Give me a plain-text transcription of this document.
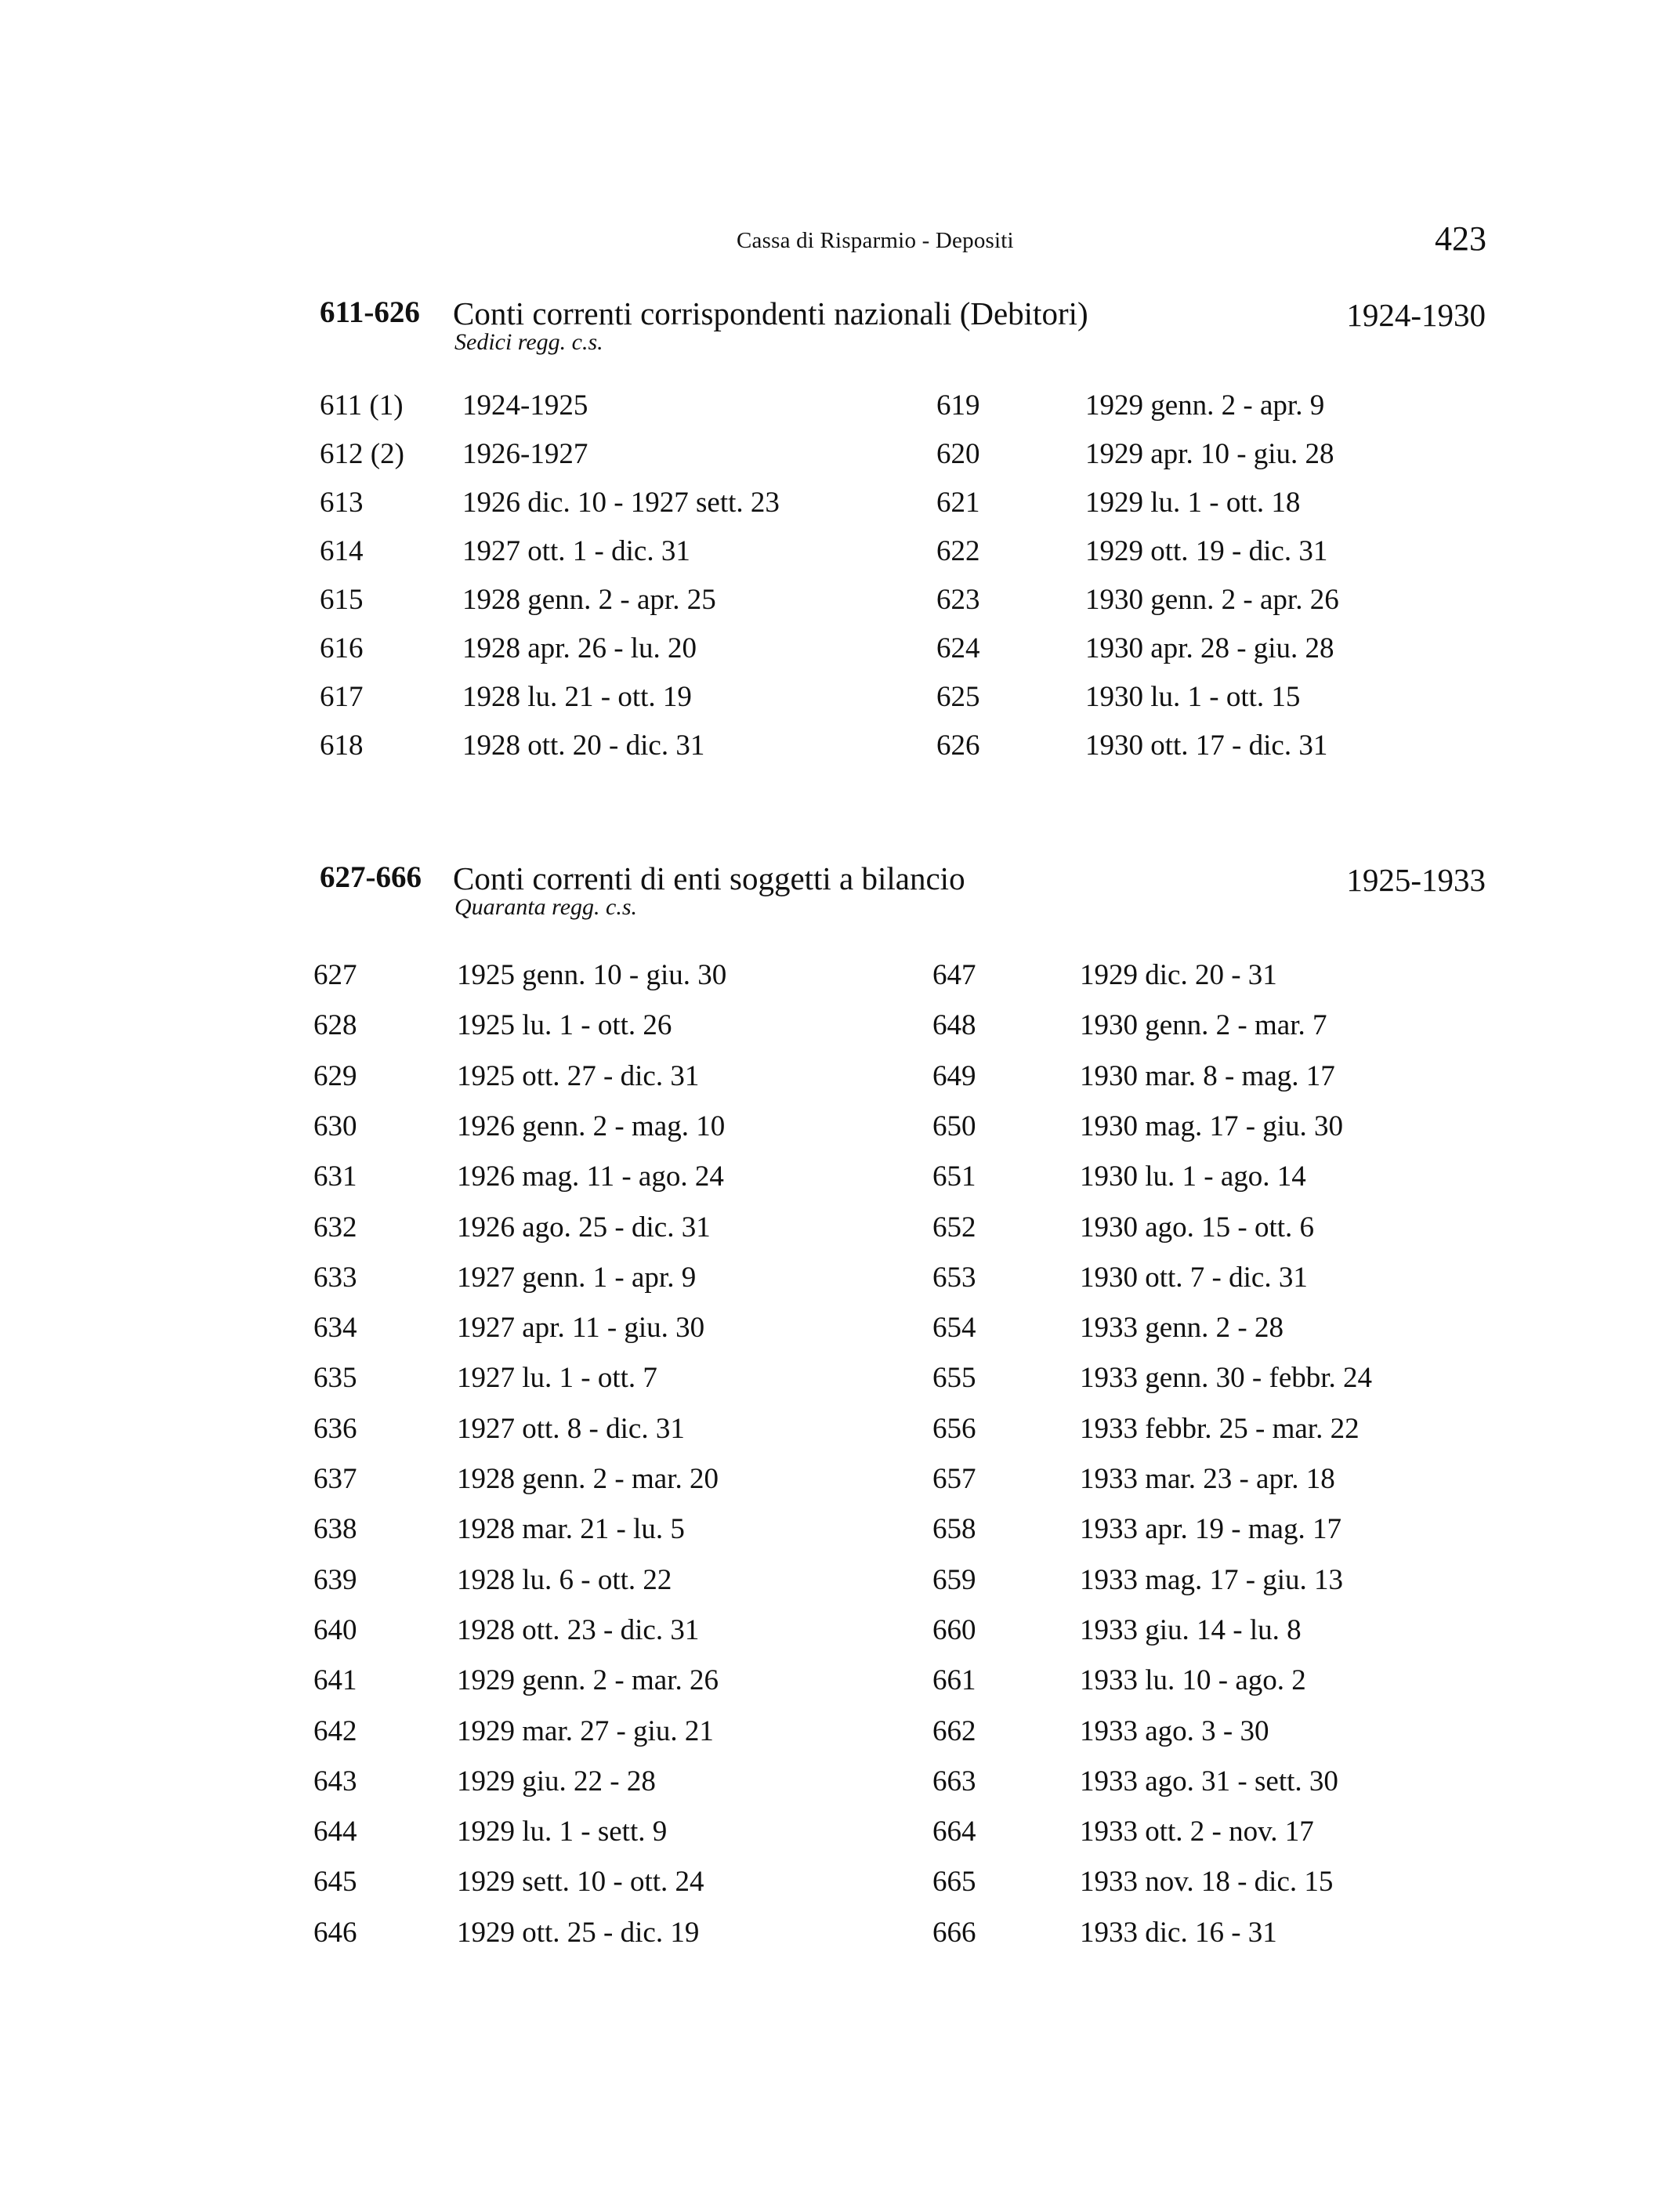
Cassa di Risparmio - Depositi	423
611-626 Conti correnti corrispondenti nazionali (Debitori)	1924-1930
Sedici regg. c.s.
611 (1) 1924-1925
612 (2) 1926-1927
613	1926 dic. 10 - 1927 sett. 23
614	1927 ott. 1 - dic. 31
615	1928 genn. 2 - apr. 25
616	1928 apr. 26 - lu. 20
617	1928 lu. 21 - ott. 19
618	1928 ott. 20 - dic. 31
619	1929 genn. 2 - apr. 9
620	1929 apr. 10 - giu. 28
621	1929 lu. 1 - ott. 18
622	1929 ott. 19 - dic. 31
623	1930 genn. 2 - apr. 26
624	1930 apr. 28 - giu. 28
625	1930 lu. 1 - ott. 15
626	1930 ott. 17 - dic. 31
627-666 Conti correnti di enti soggetti a bilancio	1925-1933
Quaranta regg. c.s.
627	1925 genn. 10 - giu. 30
628	1925 lu. 1 - ott. 26
629	1925 ott. 27 - dic. 31
630	1926 genn. 2 - mag. 10
631	1926 mag. 11 - ago. 24
632	1926 ago. 25 - dic. 31
633	1927 genn. 1 - apr. 9
634	1927 apr. 11 - giu. 30
635	1927 lu. 1 - ott. 7
636	1927 ott. 8 - dic. 31
637	1928 genn. 2 - mar. 20
638	1928 mar. 21 - lu. 5
639	1928 lu. 6 - ott. 22
640	1928 ott. 23 - dic. 31
641	1929 genn. 2 - mar. 26
642	1929 mar. 27 - giu. 21
643	1929 giu. 22 - 28
644	1929 lu. 1 - sett. 9
645	1929 sett. 10 - ott. 24
646	1929 ott. 25 - dic. 19
647	1929 dic. 20 - 31
648	1930 genn. 2 - mar. 7
649	1930 mar. 8 - mag. 17
650	1930 mag. 17 - giu. 30
651	1930 lu. 1 - ago. 14
652	1930 ago. 15 - ott. 6
653	1930 ott. 7 - dic. 31
654	1933 genn. 2 - 28
655	1933 genn. 30 - febbr. 24
656	1933 febbr. 25 - mar. 22
657	1933 mar. 23 - apr. 18
658	1933 apr. 19 - mag. 17
659	1933 mag. 17 - giu. 13
660	1933 giu. 14 - lu. 8
661	1933 lu. 10 - ago. 2
662	1933 ago. 3 - 30
663	1933 ago. 31 - sett. 30
664	1933 ott. 2 - nov. 17
665	1933 nov. 18 - dic. 15
666	1933 dic. 16 - 31
